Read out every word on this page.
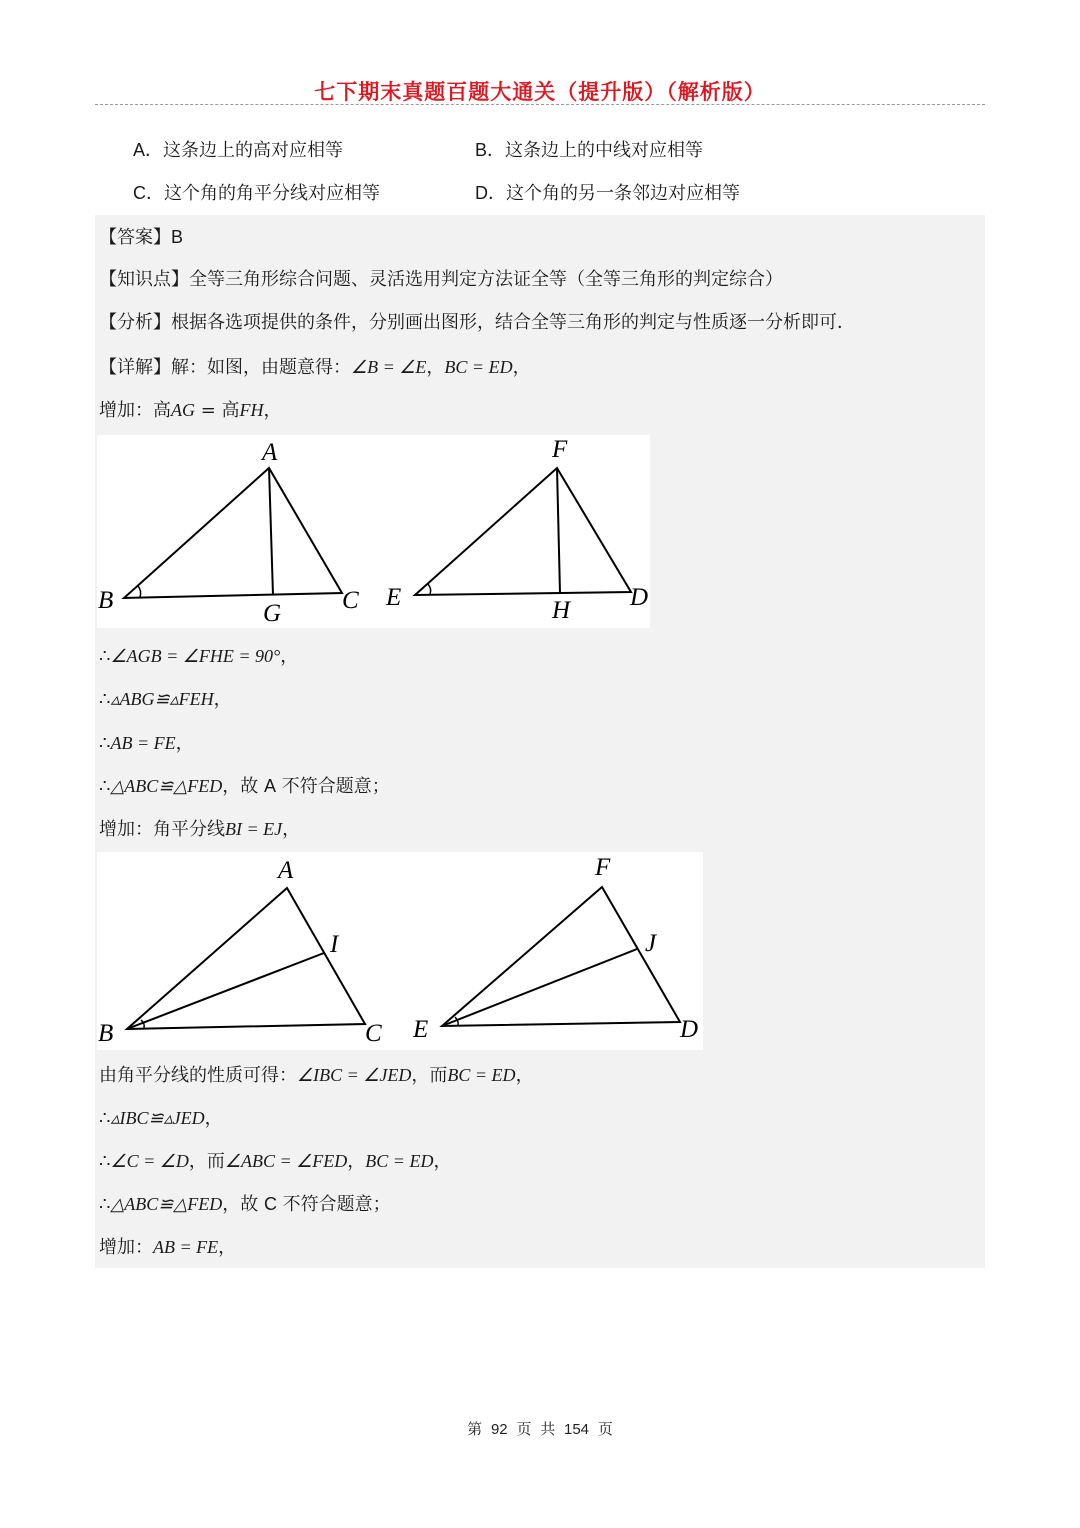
七下期末真题百题大通关（提升版）（解析版）
A．这条边上的高对应相等	B．这条边上的中线对应相等
C．这个角的角平分线对应相等	D．这个角的另一条邻边对应相等
【答案】B
【知识点】全等三角形综合问题、灵活选用判定方法证全等（全等三角形的判定综合）
【分析】根据各选项提供的条件，分别画出图形，结合全等三角形的判定与性质逐一分析即可．
【详解】解：如图，由题意得：∠B = ∠E，BC = ED，
增加：高AG = 高FH，
A
B	C
G
F
E	D
H
∴∠AGB = ∠FHE = 90°，
∴▵ABG≌▵FEH，
∴AB = FE，
∴△ABC≌△FED，故 A 不符合题意；
增加：角平分线BI = EJ，
A
B	C
I
F
E	D
J
由角平分线的性质可得：∠IBC = ∠JED，而BC = ED，
∴▵IBC≌▵JED，
∴∠C = ∠D，而∠ABC = ∠FED，BC = ED，
∴△ABC≌△FED，故 C 不符合题意；
增加：AB = FE，
第 92 页 共 154 页
